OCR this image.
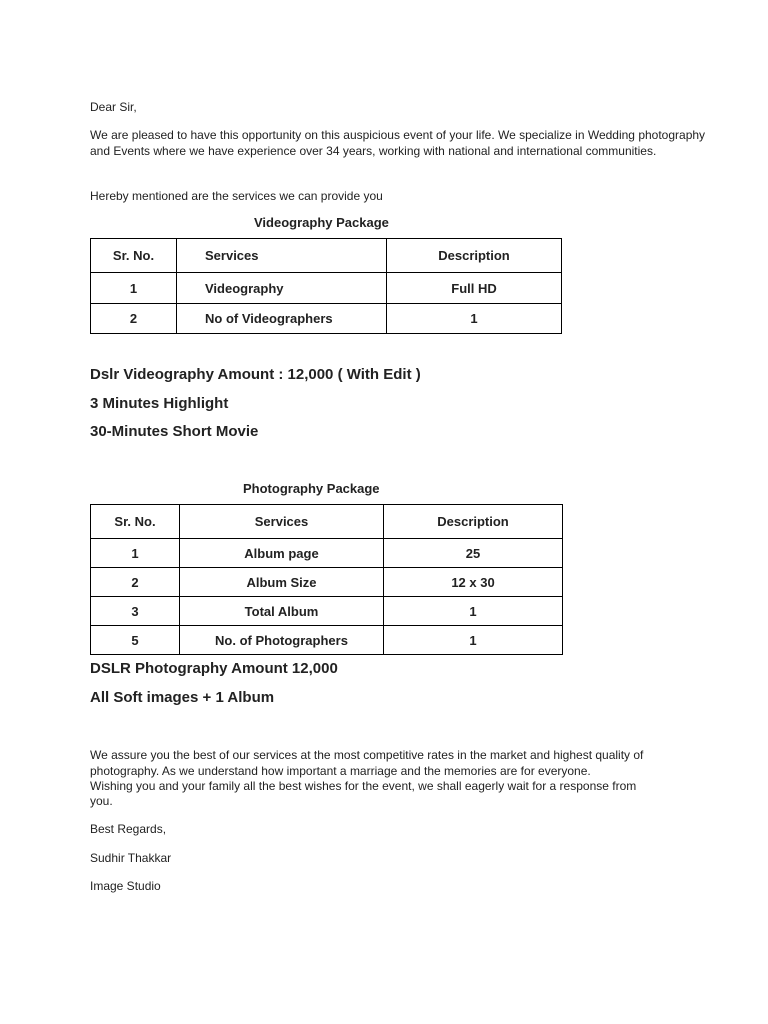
Dear Sir,
We are pleased to have this opportunity on this auspicious event of your life. We specialize in Wedding photography
and Events where we have experience over 34 years, working with national and international communities.
Hereby mentioned are the services we can provide you
Videography Package
Sr. No.	Services	Description
1	Videography	Full HD
2	No of Videographers	1
Dslr Videography Amount : 12,000 ( With Edit )
3 Minutes Highlight
30-Minutes Short Movie
Photography Package
Sr. No.	Services	Description
1	Album page	25
2	Album Size	12 x 30
3	Total Album	1
5	No. of Photographers	1
DSLR Photography Amount 12,000
All Soft images + 1 Album
We assure you the best of our services at the most competitive rates in the market and highest quality of
photography. As we understand how important a marriage and the memories are for everyone.
Wishing you and your family all the best wishes for the event, we shall eagerly wait for a response from
you.
Best Regards,
Sudhir Thakkar
Image Studio
